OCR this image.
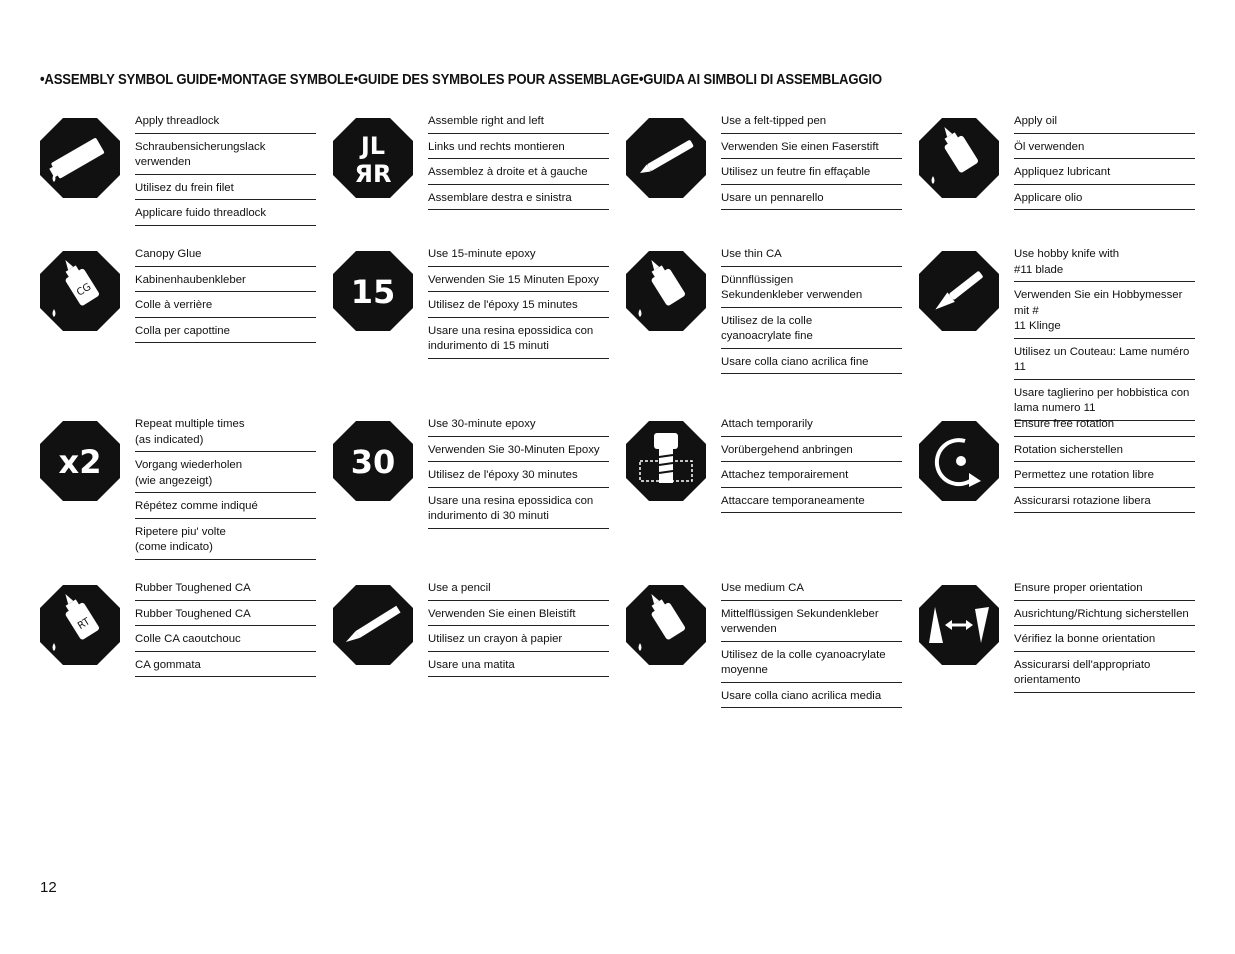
•ASSEMBLY SYMBOL GUIDE•MONTAGE SYMBOLE•GUIDE DES SYMBOLES POUR ASSEMBLAGE•GUIDA AI SIMBOLI DI ASSEMBLAGGIO
Apply threadlock
Schraubensicherungslack verwenden
Utilisez du frein filet
Applicare fuido threadlock
JL
ЯR
Assemble right and left
Links und rechts montieren
Assemblez à droite et à gauche
Assemblare destra e sinistra
Use a felt-tipped pen
Verwenden Sie einen Faserstift
Utilisez un feutre fin effaçable
Usare un pennarello
Apply oil
Öl verwenden
Appliquez lubricant
Applicare olio
CG
Canopy Glue
Kabinenhaubenkleber
Colle à verrière
Colla per capottine
15
Use 15-minute epoxy
Verwenden Sie 15 Minuten Epoxy
Utilisez de l'époxy 15 minutes
Usare una resina epossidica con
indurimento di 15 minuti
Use thin CA
Dünnflüssigen
Sekundenkleber verwenden
Utilisez de la colle
cyanoacrylate fine
Usare colla ciano acrilica fine
Use hobby knife with
#11 blade
Verwenden Sie ein Hobbymesser mit #
11 Klinge
Utilisez un Couteau: Lame numéro 11
Usare taglierino per hobbistica con
lama numero 11
x2
Repeat multiple times
(as indicated)
Vorgang wiederholen
(wie angezeigt)
Répétez comme indiqué
Ripetere piu' volte
(come indicato)
30
Use 30-minute epoxy
Verwenden Sie 30-Minuten Epoxy
Utilisez de l'époxy 30 minutes
Usare una resina epossidica con
indurimento di 30 minuti
Attach temporarily
Vorübergehend anbringen
Attachez temporairement
Attaccare temporaneamente
Ensure free rotation
Rotation sicherstellen
Permettez une rotation libre
Assicurarsi rotazione libera
RT
Rubber Toughened CA
Rubber Toughened CA
Colle CA caoutchouc
CA gommata
Use a pencil
Verwenden Sie einen Bleistift
Utilisez un crayon à papier
Usare una matita
Use medium CA
Mittelflüssigen Sekundenkleber
verwenden
Utilisez de la colle cyanoacrylate
moyenne
Usare colla ciano acrilica media
Ensure proper orientation
Ausrichtung/Richtung sicherstellen
Vérifiez la bonne orientation
Assicurarsi dell'appropriato
orientamento
12
